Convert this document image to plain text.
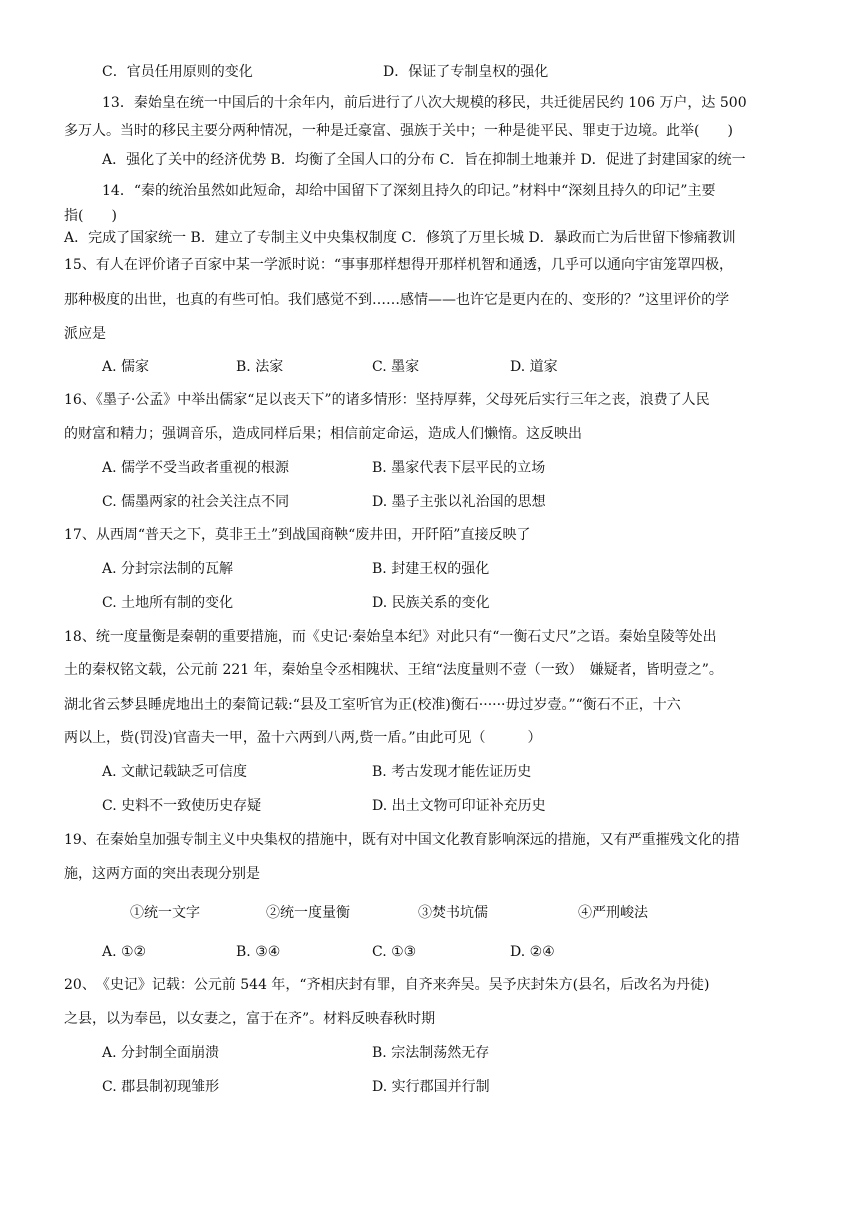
C．官员任用原则的变化	D．保证了专制皇权的强化
13．秦始皇在统一中国后的十余年内，前后进行了八次大规模的移民，共迁徙居民约 106 万户，达 500
多万人。当时的移民主要分两种情况，一种是迁豪富、强族于关中；一种是徙平民、罪吏于边境。此举(　　)
A．强化了关中的经济优势 B．均衡了全国人口的分布 C．旨在抑制土地兼并 D．促进了封建国家的统一
14．“秦的统治虽然如此短命，却给中国留下了深刻且持久的印记。”材料中“深刻且持久的印记”主要
指(　　)
A．完成了国家统一 B．建立了专制主义中央集权制度 C．修筑了万里长城 D．暴政而亡为后世留下惨痛教训
15、有人在评价诸子百家中某一学派时说：“事事那样想得开那样机智和通透，几乎可以通向宇宙笼罩四极，
那种极度的出世，也真的有些可怕。我们感觉不到……感情——也许它是更内在的、变形的？”这里评价的学
派应是
A. 儒家	B. 法家	C. 墨家	D. 道家
16、《墨子·公孟》中举出儒家“足以丧天下”的诸多情形：坚持厚葬，父母死后实行三年之丧，浪费了人民
的财富和精力；强调音乐，造成同样后果；相信前定命运，造成人们懒惰。这反映出
A. 儒学不受当政者重视的根源	B. 墨家代表下层平民的立场
C. 儒墨两家的社会关注点不同	D. 墨子主张以礼治国的思想
17、从西周“普天之下，莫非王土”到战国商鞅“废井田，开阡陌”直接反映了
A. 分封宗法制的瓦解	B. 封建王权的强化
C. 土地所有制的变化	D. 民族关系的变化
18、统一度量衡是秦朝的重要措施，而《史记·秦始皇本纪》对此只有“一衡石丈尺”之语。秦始皇陵等处出
土的秦权铭文载，公元前 221 年，秦始皇令丞相隗状、王绾“法度量则不壹（一致）　嫌疑者，皆明壹之”。
湖北省云梦县睡虎地出土的秦简记载:“县及工室听官为正(校准)衡石······毋过岁壹。”“衡石不正，十六
两以上，赀(罚没)官啬夫一甲，盈十六两到八两,赀一盾。”由此可见（　　　）
A. 文献记载缺乏可信度	B. 考古发现才能佐证历史
C. 史料不一致使历史存疑	D. 出土文物可印证补充历史
19、在秦始皇加强专制主义中央集权的措施中，既有对中国文化教育影响深远的措施，又有严重摧残文化的措
施，这两方面的突出表现分别是
①统一文字	②统一度量衡	③焚书坑儒	④严刑峻法
A. ①②	B. ③④	C. ①③	D. ②④
20、　《史记》记载：公元前 544 年，“齐相庆封有罪，自齐来奔吴。吴予庆封朱方(县名，后改名为丹徒)
之县，以为奉邑，以女妻之，富于在齐”。材料反映春秋时期
A. 分封制全面崩溃	B. 宗法制荡然无存
C. 郡县制初现雏形	D. 实行郡国并行制
